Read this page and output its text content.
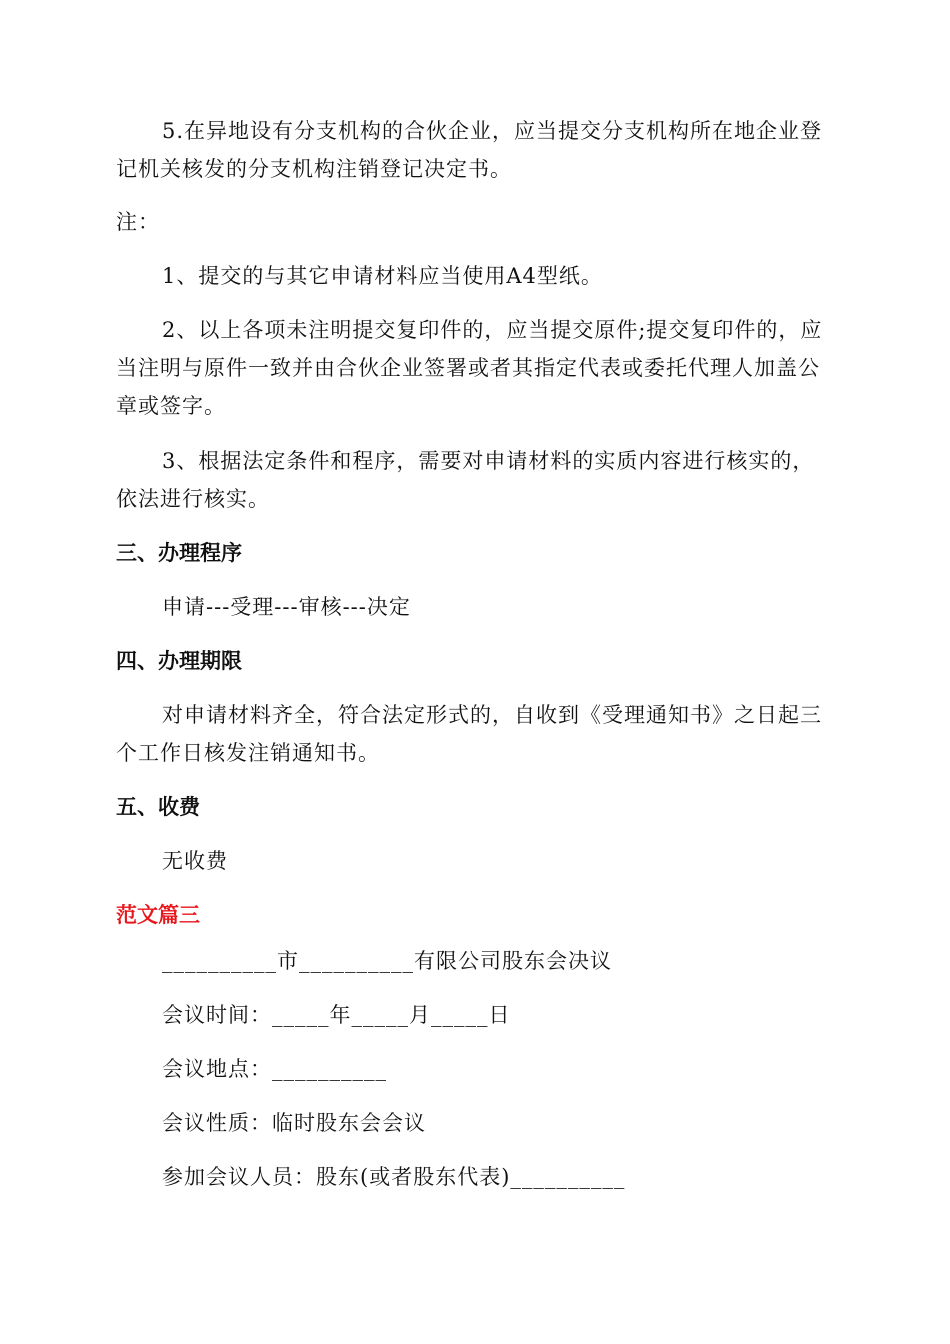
5.在异地设有分支机构的合伙企业，应当提交分支机构所在地企业登记机关核发的分支机构注销登记决定书。

注：

1、提交的与其它申请材料应当使用A4型纸。

2、以上各项未注明提交复印件的，应当提交原件;提交复印件的，应当注明与原件一致并由合伙企业签署或者其指定代表或委托代理人加盖公章或签字。

3、根据法定条件和程序，需要对申请材料的实质内容进行核实的，依法进行核实。

三、办理程序

申请---受理---审核---决定

四、办理期限

对申请材料齐全，符合法定形式的，自收到《受理通知书》之日起三个工作日核发注销通知书。

五、收费

无收费

范文篇三

__________市__________有限公司股东会决议

会议时间：_____年_____月_____日

会议地点：__________

会议性质：临时股东会会议

参加会议人员：股东(或者股东代表)__________
